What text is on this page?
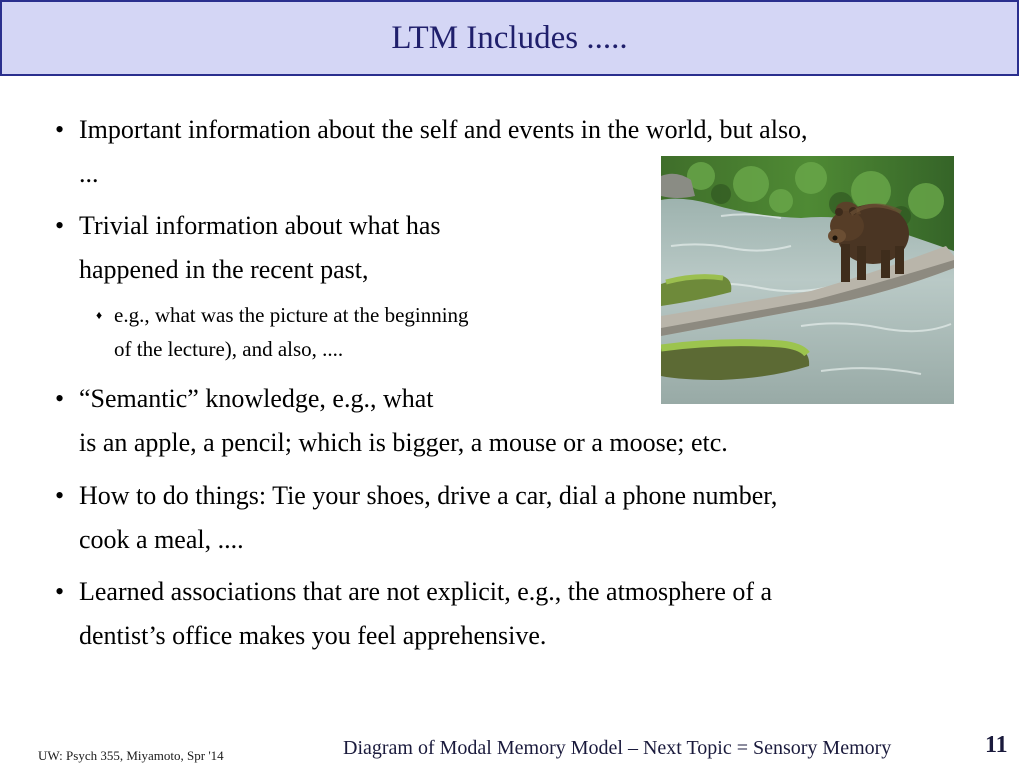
LTM Includes .....
• Important information about the self and events in the world, but also,
...
• Trivial information about what has
happened in the recent past,
♦ e.g., what was the picture at the beginning
of the lecture), and also, ....
• “Semantic” knowledge, e.g., what
is an apple, a pencil; which is bigger, a mouse or a moose; etc.
• How to do things: Tie your shoes, drive a car, dial a phone number,
cook a meal, ....
• Learned associations that are not explicit, e.g., the atmosphere of a
dentist’s office makes you feel apprehensive.
UW: Psych 355, Miyamoto, Spr '14	Diagram of Modal Memory Model – Next Topic = Sensory Memory	11
